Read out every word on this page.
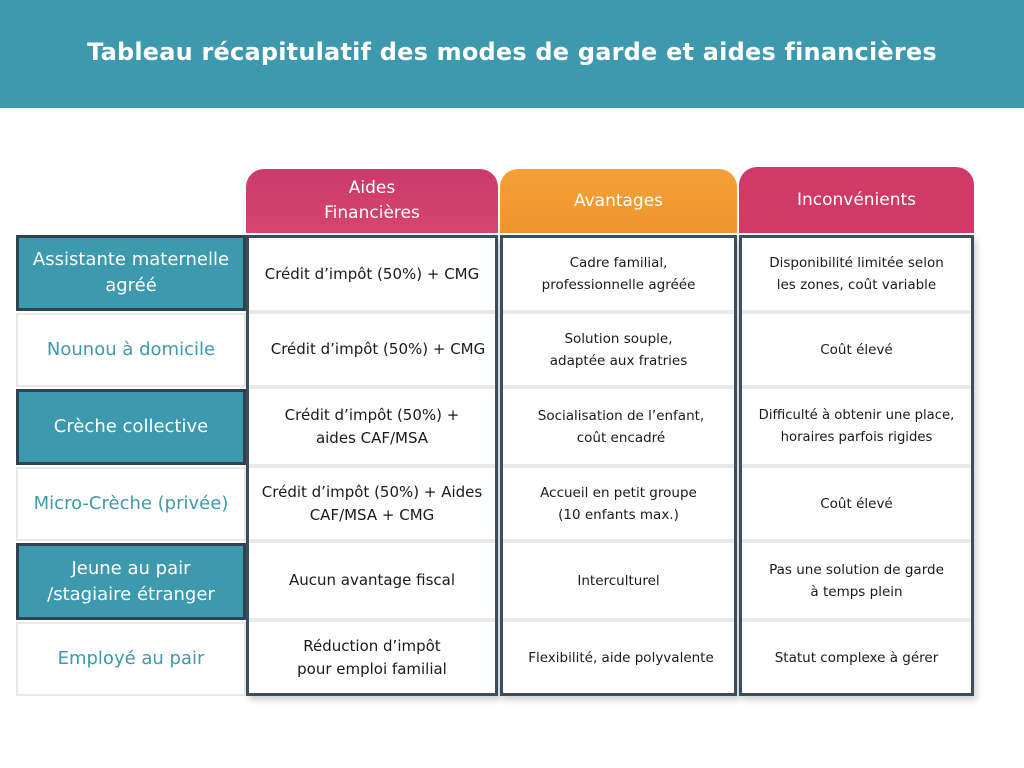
Tableau récapitulatif des modes de garde et aides financières
Aides
Financières
Avantages	Inconvénients
Assistante maternelle
agréé
Nounou à domicile
Crèche collective
Micro-Crèche (privée)
Jeune au pair
/stagiaire étranger
Employé au pair
Crédit d’impôt (50%) + CMG
Crédit d’impôt (50%) + CMG
Crédit d’impôt (50%) +
aides CAF/MSA
Crédit d’impôt (50%) + Aides
CAF/MSA + CMG
Aucun avantage fiscal
Réduction d’impôt
pour emploi familial
Cadre familial,
professionnelle agréée
Solution souple,
adaptée aux fratries
Socialisation de l’enfant,
coût encadré
Accueil en petit groupe
(10 enfants max.)
Interculturel
Flexibilité, aide polyvalente
Disponibilité limitée selon
les zones, coût variable
Coût élevé
Difficulté à obtenir une place,
horaires parfois rigides
Coût élevé
Pas une solution de garde
à temps plein
Statut complexe à gérer
